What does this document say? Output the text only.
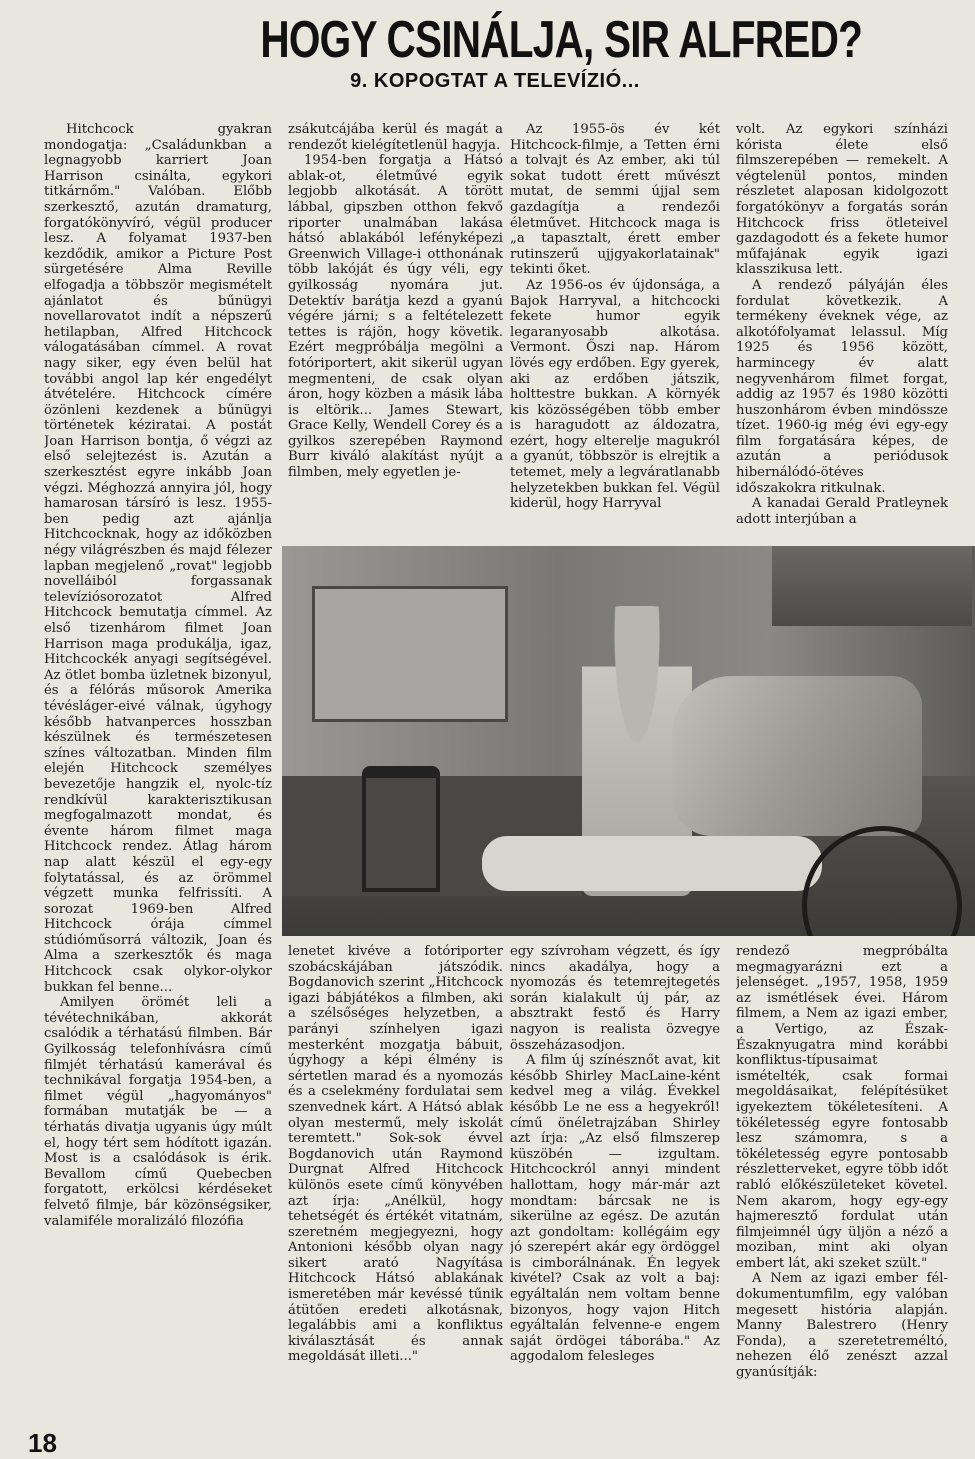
HOGY CSINÁLJA, SIR ALFRED?
9. KOPOGTAT A TELEVÍZIÓ...

Hitchcock gyakran mondogatja: „Családunkban a legnagyobb karriert Joan Harrison csinálta, egykori titkárnőm." Valóban. Előbb szerkesztő, azután dramaturg, forgatókönyvíró, végül producer lesz. A folyamat 1937-ben kezdődik, amikor a Picture Post sürgetésére Alma Reville elfogadja a többször megismételt ajánlatot és bűnügyi novellarovatot indít a népszerű hetilapban, Alfred Hitchcock válogatásában címmel. A rovat nagy siker, egy éven belül hat további angol lap kér engedélyt átvételére. Hitchcock címére özönleni kezdenek a bűnügyi történetek kéziratai. A postát Joan Harrison bontja, ő végzi az első selejtezést is. Azután a szerkesztést egyre inkább Joan végzi. Méghozzá annyira jól, hogy hamarosan társíró is lesz. 1955-ben pedig azt ajánlja Hitchcocknak, hogy az időközben négy világrészben és majd félezer lapban megjelenő „rovat" legjobb novelláiból forgassanak televíziósorozatot Alfred Hitchcock bemutatja címmel. Az első tizenhárom filmet Joan Harrison maga produkálja, igaz, Hitchcockék anyagi segítségével. Az ötlet bomba üzletnek bizonyul, és a félórás műsorok Amerika tévésláger-eivé válnak, úgyhogy később hatvanperces hosszban készülnek és természetesen színes változatban. Minden film elején Hitchcock személyes bevezetője hangzik el, nyolc-tíz rendkívül karakterisztikusan megfogalmazott mondat, és évente három filmet maga Hitchcock rendez. Átlag három nap alatt készül el egy-egy folytatással, és az örömmel végzett munka felfrissíti. A sorozat 1969-ben Alfred Hitchcock órája címmel stúdióműsorrá változik, Joan és Alma a szerkesztők és maga Hitchcock csak olykor-olykor bukkan fel benne...

Amilyen örömét leli a tévétechnikában, akkorát csalódik a térhatású filmben. Bár Gyilkosság telefonhívásra című filmjét térhatású kamerával és technikával forgatja 1954-ben, a filmet végül „hagyományos" formában mutatják be — a térhatás divatja ugyanis úgy múlt el, hogy tért sem hódított igazán. Most is a csalódások is érik. Bevallom című Quebecben forgatott, erkölcsi kérdéseket felvető filmje, bár közönségsiker, valamiféle moralizáló filozófia

zsákutcájába kerül és magát a rendezőt kielégítetlenül hagyja.

1954-ben forgatja a Hátsó ablak-ot, életművé egyik legjobb alkotását. A törött lábbal, gipszben otthon fekvő riporter unalmában lakása hátsó ablakából lefényképezi Greenwich Village-i otthonának több lakóját és úgy véli, egy gyilkosság nyomára jut. Detektív barátja kezd a gyanú végére járni; s a feltételezett tettes is rájön, hogy követik. Ezért megpróbálja megölni a fotóriportert, akit sikerül ugyan megmenteni, de csak olyan áron, hogy közben a másik lába is eltörik... James Stewart, Grace Kelly, Wendell Corey és a gyilkos szerepében Raymond Burr kiváló alakítást nyújt a filmben, mely egyetlen je-

Az 1955-ös év két Hitchcock-filmje, a Tetten érni a tolvajt és Az ember, aki túl sokat tudott érett művészt mutat, de semmi újjal sem gazdagítja a rendezői életművet. Hitchcock maga is „a tapasztalt, érett ember rutinszerű ujjgyakorlatainak" tekinti őket.

Az 1956-os év újdonsága, a Bajok Harryval, a hitchcocki fekete humor egyik legaranyosabb alkotása. Vermont. Őszi nap. Három lövés egy erdőben. Egy gyerek, aki az erdőben játszik, holttestre bukkan. A környék kis közösségében több ember is haragudott az áldozatra, ezért, hogy elterelje magukról a gyanút, többször is elrejtik a tetemet, mely a legváratlanabb helyzetekben bukkan fel. Végül kiderül, hogy Harryval

volt. Az egykori színházi kórista élete első filmszerepében — remekelt. A végtelenül pontos, minden részletet alaposan kidolgozott forgatókönyv a forgatás során Hitchcock friss ötleteivel gazdagodott és a fekete humor műfajának egyik igazi klasszikusa lett.

A rendező pályáján éles fordulat következik. A termékeny éveknek vége, az alkotófolyamat lelassul. Míg 1925 és 1956 között, harmincegy év alatt negyvenhárom filmet forgat, addig az 1957 és 1980 közötti huszonhárom évben mindössze tízet. 1960-ig még évi egy-egy film forgatására képes, de azután a periódusok hibernálódó-ötéves időszakokra ritkulnak.

A kanadai Gerald Pratleynek adott interjúban a

lenetet kivéve a fotóriporter szobácskájában játszódik. Bogdanovich szerint „Hitchcock igazi bábjátékos a filmben, aki a szélsőséges helyzetben, a parányi színhelyen igazi mesterként mozgatja bábuit, úgyhogy a képi élmény is sértetlen marad és a nyomozás és a cselekmény fordulatai sem szenvednek kárt. A Hátsó ablak olyan mestermű, mely iskolát teremtett." Sok-sok évvel Bogdanovich után Raymond Durgnat Alfred Hitchcock különös esete című könyvében azt írja: „Anélkül, hogy tehetségét és értékét vitatnám, szeretném megjegyezni, hogy Antonioni később olyan nagy sikert arató Nagyítása Hitchcock Hátsó ablakának ismeretében már kevéssé tűnik átütően eredeti alkotásnak, legalábbis ami a konfliktus kiválasztását és annak megoldását illeti..."

egy szívroham végzett, és így nincs akadálya, hogy a nyomozás és tetemrejtegetés során kialakult új pár, az absztrakt festő és Harry nagyon is realista özvegye összeházasodjon.

A film új színésznőt avat, kit később Shirley MacLaine-ként kedvel meg a világ. Évekkel később Le ne ess a hegyekről! című önéletrajzában Shirley azt írja: „Az első filmszerep küszöbén — izgultam. Hitchcockról annyi mindent hallottam, hogy már-már azt mondtam: bárcsak ne is sikerülne az egész. De azután azt gondoltam: kollégáim egy jó szerepért akár egy ördöggel is cimborálnának. Én legyek kivétel? Csak az volt a baj: egyáltalán nem voltam benne bizonyos, hogy vajon Hitch egyáltalán felvenne-e engem saját ördögei táborába." Az aggodalom felesleges

rendező megpróbálta megmagyarázni ezt a jelenséget. „1957, 1958, 1959 az ismétlések évei. Három filmem, a Nem az igazi ember, a Vertigo, az Észak-Északnyugatra mind korábbi konfliktus-típusaimat ismételték, csak formai megoldásaikat, felépítésüket igyekeztem tökéletesíteni. A tökéletesség egyre fontosabb lesz számomra, s a tökéletesség egyre pontosabb részletterveket, egyre több időt rabló előkészületeket követel. Nem akarom, hogy egy-egy hajmeresztő fordulat után filmjeimnél úgy üljön a néző a moziban, mint aki olyan embert lát, aki szeket szült."

A Nem az igazi ember fél-dokumentumfilm, egy valóban megesett história alapján. Manny Balestrero (Henry Fonda), a szeretetreméltó, nehezen élő zenészt azzal gyanúsítják:

18
